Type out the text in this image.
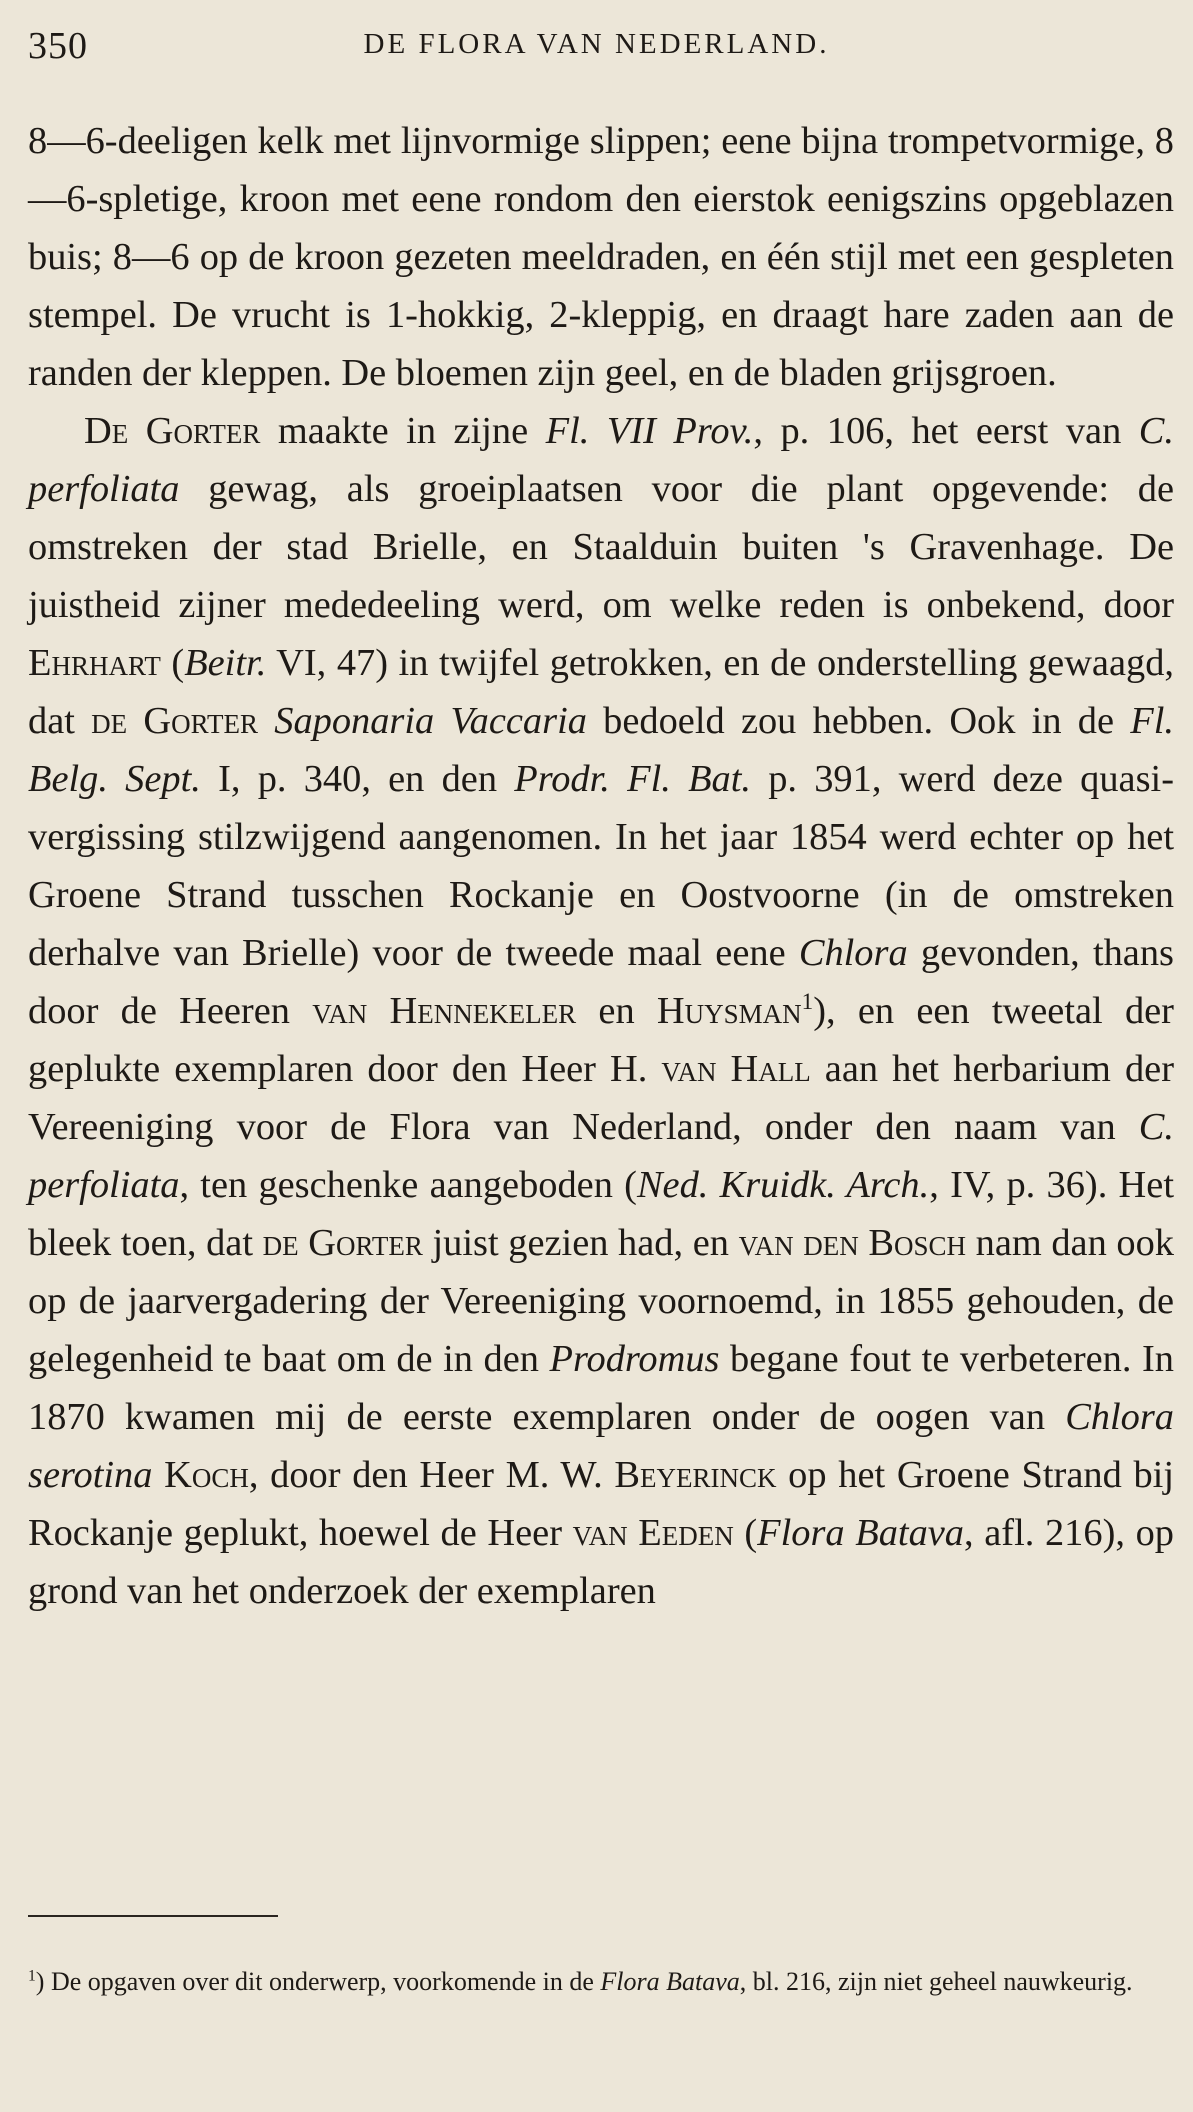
350	DE FLORA VAN NEDERLAND.

8—6-deeligen kelk met lijnvormige slippen; eene bijna trompetvormige, 8—6-spletige, kroon met eene rondom den eierstok eenigszins opgeblazen buis; 8—6 op de kroon gezeten meeldraden, en één stijl met een gespleten stempel. De vrucht is 1-hokkig, 2-kleppig, en draagt hare zaden aan de randen der kleppen. De bloemen zijn geel, en de bladen grijsgroen.

De Gorter maakte in zijne Fl. VII Prov., p. 106, het eerst van C. perfoliata gewag, als groeiplaatsen voor die plant opgevende: de omstreken der stad Brielle, en Staalduin buiten 's Gravenhage. De juistheid zijner mededeeling werd, om welke reden is onbekend, door Ehrhart (Beitr. VI, 47) in twijfel getrokken, en de onderstelling gewaagd, dat de Gorter Saponaria Vaccaria bedoeld zou hebben. Ook in de Fl. Belg. Sept. I, p. 340, en den Prodr. Fl. Bat. p. 391, werd deze quasi-vergissing stilzwijgend aangenomen. In het jaar 1854 werd echter op het Groene Strand tusschen Rockanje en Oostvoorne (in de omstreken derhalve van Brielle) voor de tweede maal eene Chlora gevonden, thans door de Heeren van Hennekeler en Huysman$^1$), en een tweetal der geplukte exemplaren door den Heer H. van Hall aan het herbarium der Vereeniging voor de Flora van Nederland, onder den naam van C. perfoliata, ten geschenke aangeboden (Ned. Kruidk. Arch., IV, p. 36). Het bleek toen, dat de Gorter juist gezien had, en van den Bosch nam dan ook op de jaarvergadering der Vereeniging voornoemd, in 1855 gehouden, de gelegenheid te baat om de in den Prodromus begane fout te verbeteren. In 1870 kwamen mij de eerste exemplaren onder de oogen van Chlora serotina Koch, door den Heer M. W. Beyerinck op het Groene Strand bij Rockanje geplukt, hoewel de Heer van Eeden (Flora Batava, afl. 216), op grond van het onderzoek der exemplaren

$^1$) De opgaven over dit onderwerp, voorkomende in de Flora Batava, bl. 216, zijn niet geheel nauwkeurig.
